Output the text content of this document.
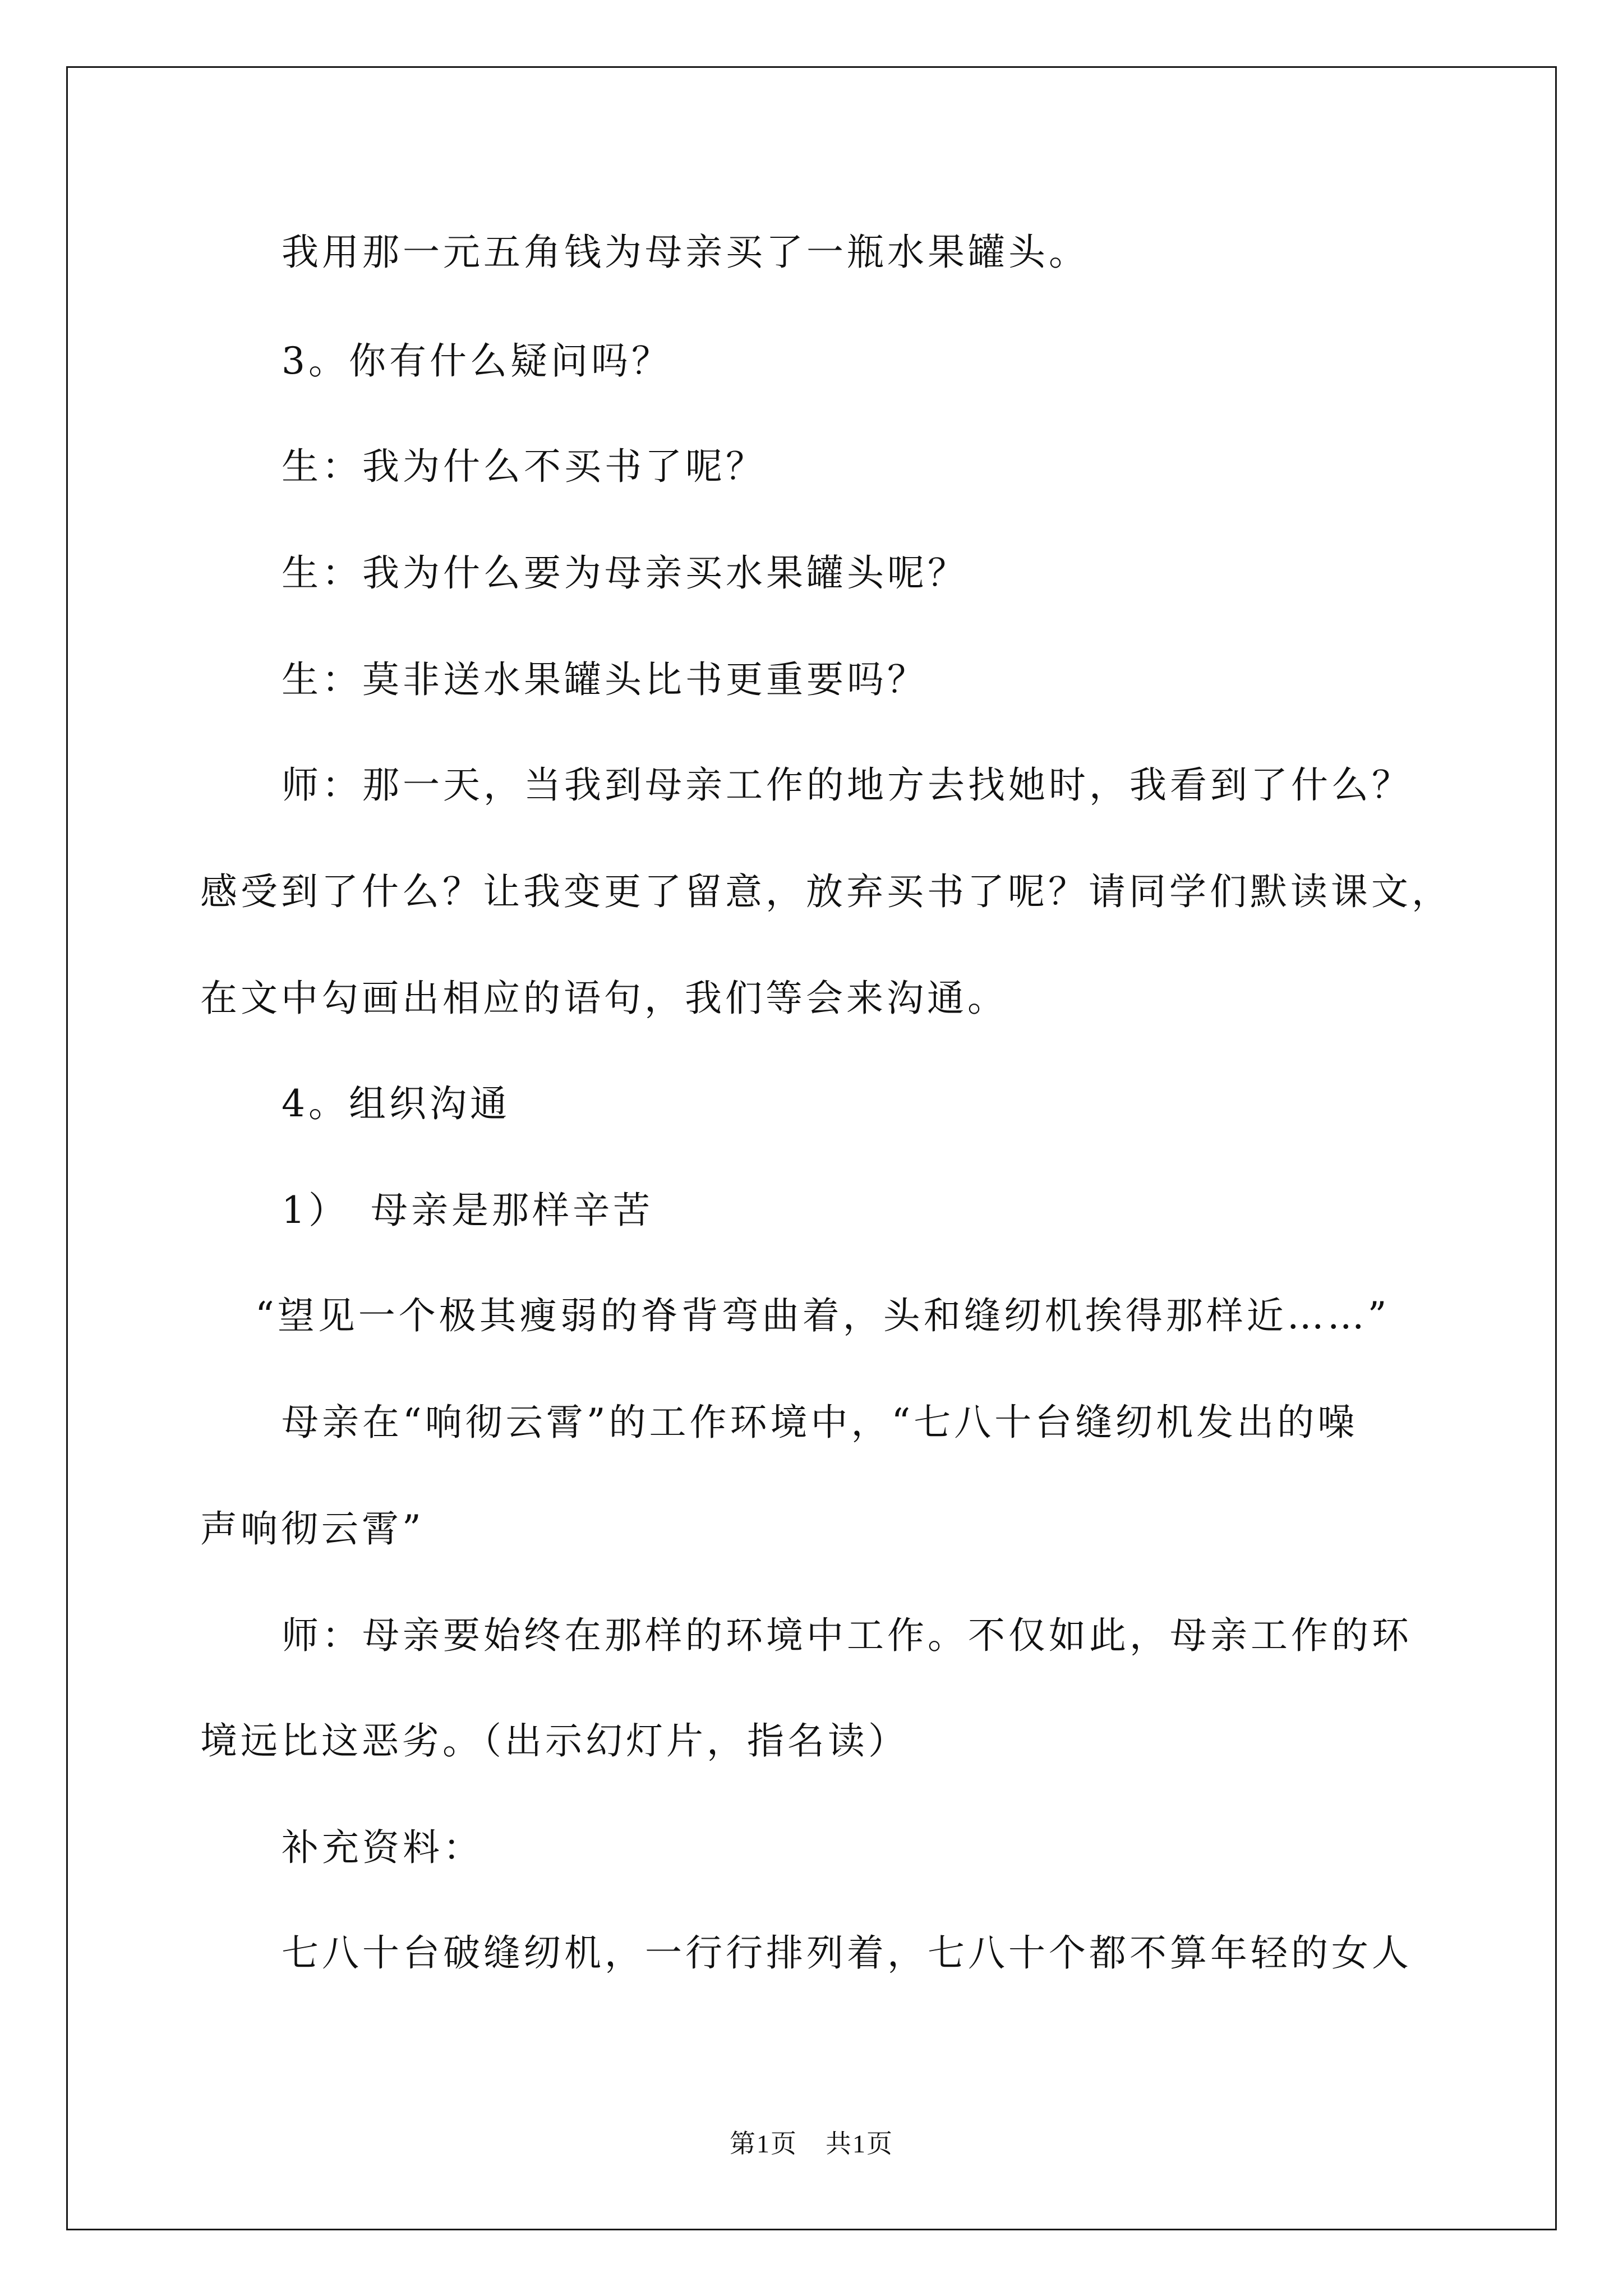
我用那一元五角钱为母亲买了一瓶水果罐头。
3。你有什么疑问吗？
生：我为什么不买书了呢？
生：我为什么要为母亲买水果罐头呢？
生：莫非送水果罐头比书更重要吗？
师：那一天，当我到母亲工作的地方去找她时，我看到了什么？
感受到了什么？让我变更了留意，放弃买书了呢？请同学们默读课文，
在文中勾画出相应的语句，我们等会来沟通。
4。组织沟通
1）　母亲是那样辛苦
“望见一个极其瘦弱的脊背弯曲着，头和缝纫机挨得那样近……”
母亲在“响彻云霄”的工作环境中，“七八十台缝纫机发出的噪
声响彻云霄”
师：母亲要始终在那样的环境中工作。不仅如此，母亲工作的环
境远比这恶劣。（出示幻灯片，指名读）
补充资料：
七八十台破缝纫机，一行行排列着，七八十个都不算年轻的女人
第1页 共1页
